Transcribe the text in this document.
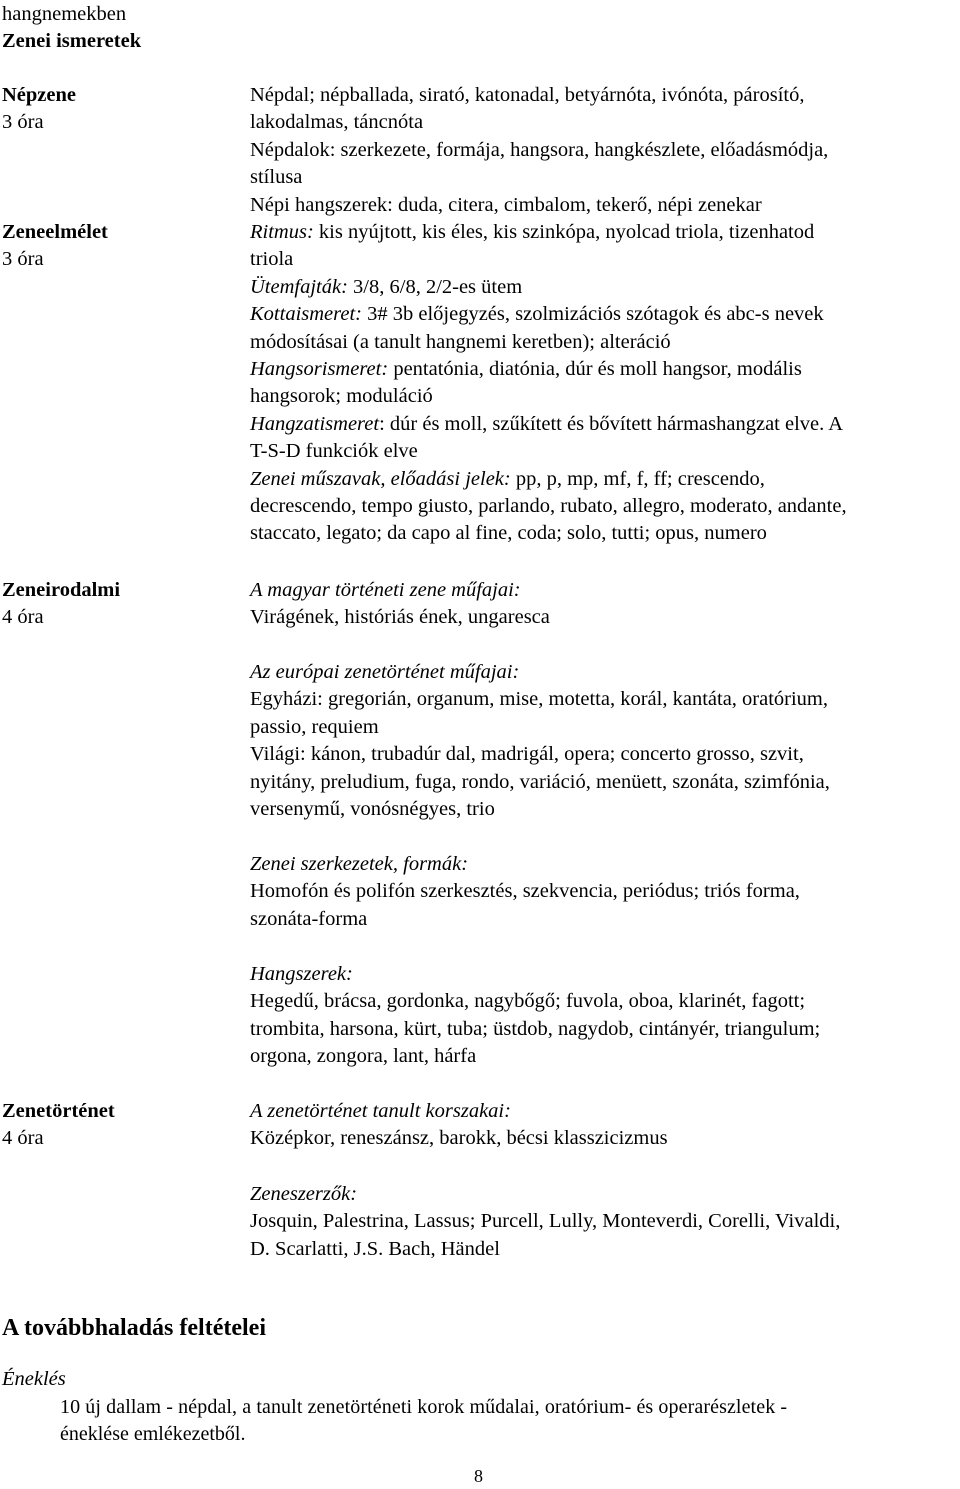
hangnemekben
Zenei ismeretek
Népzene
3 óra
Népdal; népballada, sirató, katonadal, betyárnóta, ivónóta, párosító,
lakodalmas, táncnóta
Népdalok: szerkezete, formája, hangsora, hangkészlete, előadásmódja,
stílusa
Népi hangszerek: duda, citera, cimbalom, tekerő, népi zenekar
Zeneelmélet
3 óra
Ritmus: kis nyújtott, kis éles, kis szinkópa, nyolcad triola, tizenhatod
triola
Ütemfajták: 3/8, 6/8, 2/2-es ütem
Kottaismeret: 3# 3b előjegyzés, szolmizációs szótagok és abc-s nevek
módosításai (a tanult hangnemi keretben); alteráció
Hangsorismeret: pentatónia, diatónia, dúr és moll hangsor, modális
hangsorok; moduláció
Hangzatismeret: dúr és moll, szűkített és bővített hármashangzat elve. A
T-S-D funkciók elve
Zenei műszavak, előadási jelek: pp, p, mp, mf, f, ff; crescendo,
decrescendo, tempo giusto, parlando, rubato, allegro, moderato, andante,
staccato, legato; da capo al fine, coda; solo, tutti; opus, numero
Zeneirodalmi
4 óra
A magyar történeti zene műfajai:
Virágének, históriás ének, ungaresca
Az európai zenetörténet műfajai:
Egyházi: gregorián, organum, mise, motetta, korál, kantáta, oratórium,
passio, requiem
Világi: kánon, trubadúr dal, madrigál, opera; concerto grosso, szvit,
nyitány, preludium, fuga, rondo, variáció, menüett, szonáta, szimfónia,
versenymű, vonósnégyes, trio
Zenei szerkezetek, formák:
Homofón és polifón szerkesztés, szekvencia, periódus; triós forma,
szonáta-forma
Hangszerek:
Hegedű, brácsa, gordonka, nagybőgő; fuvola, oboa, klarinét, fagott;
trombita, harsona, kürt, tuba; üstdob, nagydob, cintányér, triangulum;
orgona, zongora, lant, hárfa
Zenetörténet
4 óra
A zenetörténet tanult korszakai:
Középkor, reneszánsz, barokk, bécsi klasszicizmus
Zeneszerzők:
Josquin, Palestrina, Lassus; Purcell, Lully, Monteverdi, Corelli, Vivaldi,
D. Scarlatti, J.S. Bach, Händel
A továbbhaladás feltételei
Éneklés
10 új dallam - népdal, a tanult zenetörténeti korok műdalai, oratórium- és operarészletek -
éneklése emlékezetből.
8
